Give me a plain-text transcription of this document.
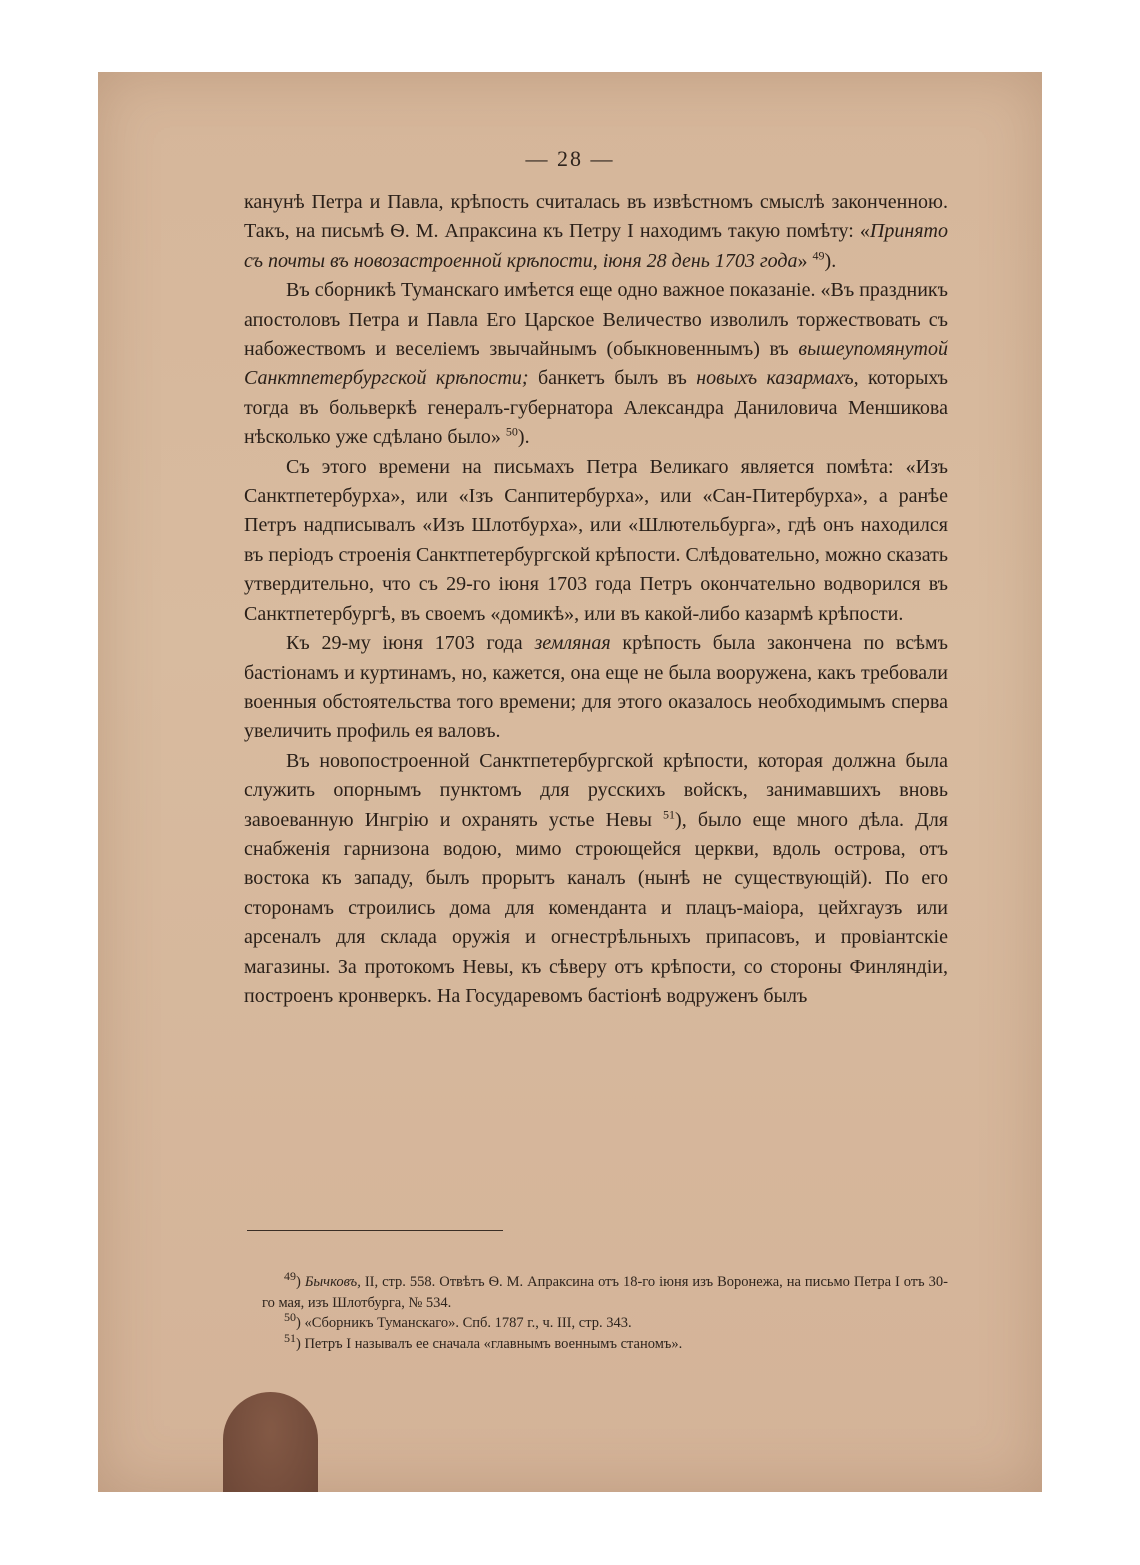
— 28 —

канунѣ Петра и Павла, крѣпость считалась въ извѣстномъ смыслѣ законченною. Такъ, на письмѣ Ѳ. М. Апраксина къ Петру I находимъ такую помѣту: «Принято съ почты въ новозастроенной крѣпости, iюня 28 день 1703 года» $^{49}$).

Въ сборникѣ Туманскаго имѣется еще одно важное показанiе. «Въ праздникъ апостоловъ Петра и Павла Его Царское Величество изволилъ торжествовать съ набожествомъ и веселiемъ звычайнымъ (обыкновеннымъ) въ вышеупомянутой Санктпетербургской крѣпости; банкетъ былъ въ новыхъ казармахъ, которыхъ тогда въ больверкѣ генералъ-губернатора Александра Даниловича Меншикова нѣсколько уже сдѣлано было» $^{50}$).

Съ этого времени на письмахъ Петра Великаго является помѣта: «Изъ Санктпетербурха», или «Iзъ Санпитербурха», или «Сан-Питербурха», а ранѣе Петръ надписывалъ «Изъ Шлотбурха», или «Шлютельбурга», гдѣ онъ находился въ перiодъ строенiя Санктпетербургской крѣпости. Слѣдовательно, можно сказать утвердительно, что съ 29-го iюня 1703 года Петръ окончательно водворился въ Санктпетербургѣ, въ своемъ «домикѣ», или въ какой-либо казармѣ крѣпости.

Къ 29-му iюня 1703 года земляная крѣпость была закончена по всѣмъ бастiонамъ и куртинамъ, но, кажется, она еще не была вооружена, какъ требовали военныя обстоятельства того времени; для этого оказалось необходимымъ сперва увеличить профиль ея валовъ.

Въ новопостроенной Санктпетербургской крѣпости, которая должна была служить опорнымъ пунктомъ для русскихъ войскъ, занимавшихъ вновь завоеванную Ингрiю и охранять устье Невы $^{51}$), было еще много дѣла. Для снабженiя гарнизона водою, мимо строющейся церкви, вдоль острова, отъ востока къ западу, былъ прорытъ каналъ (нынѣ не существующiй). По его сторонамъ строились дома для коменданта и плацъ-маiора, цейхгаузъ или арсеналъ для склада оружiя и огнестрѣльныхъ припасовъ, и провiантскiе магазины. За протокомъ Невы, къ сѣверу отъ крѣпости, со стороны Финляндiи, построенъ кронверкъ. На Государевомъ бастiонѣ водруженъ былъ

$^{49}$) Бычковъ, II, стр. 558. Отвѣтъ Ѳ. М. Апраксина отъ 18-го iюня изъ Воронежа, на письмо Петра I отъ 30-го мая, изъ Шлотбурга, № 534.

$^{50}$) «Сборникъ Туманскаго». Спб. 1787 г., ч. III, стр. 343.

$^{51}$) Петръ I называлъ ее сначала «главнымъ военнымъ станомъ».
